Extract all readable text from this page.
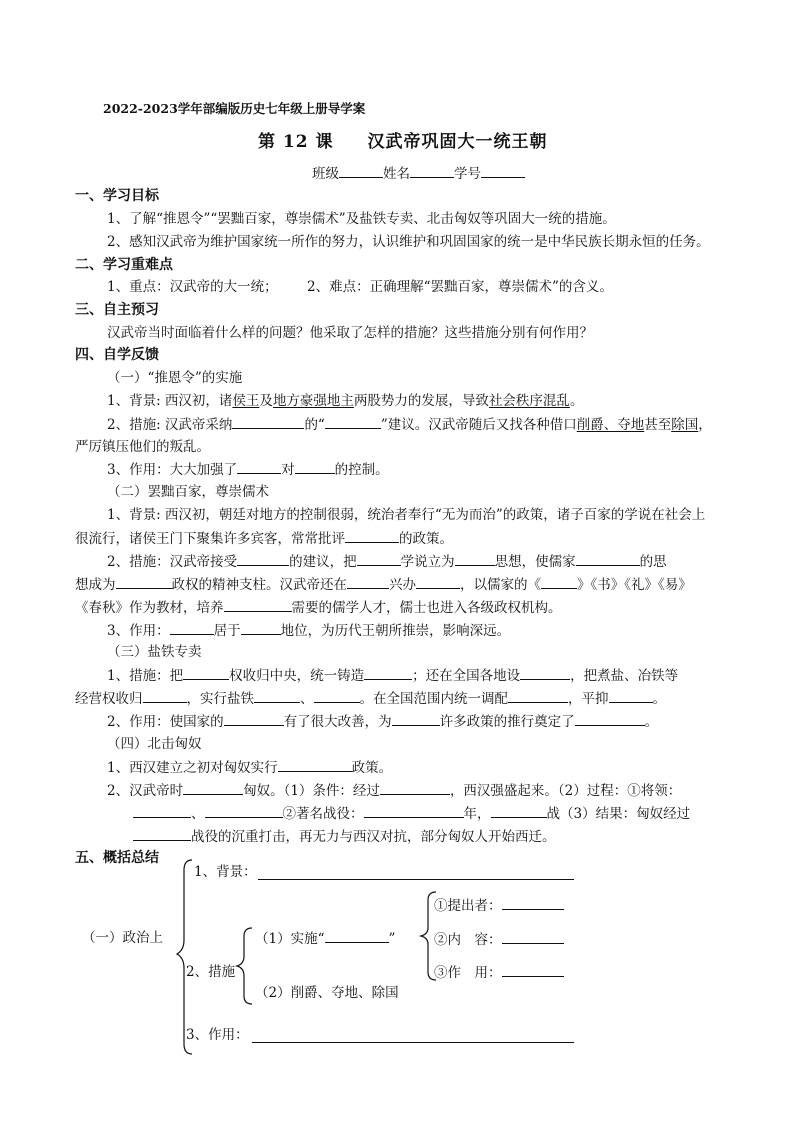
2022-2023学年部编版历史七年级上册导学案
第 12 课 汉武帝巩固大一统王朝
班级	姓名	学号
一、学习目标
1、了解“推恩令”“罢黜百家，尊崇儒术”及盐铁专卖、北击匈奴等巩固大一统的措施。
2、感知汉武帝为维护国家统一所作的努力，认识维护和巩固国家的统一是中华民族长期永恒的任务。
二、学习重难点
1、重点：汉武帝的大一统； 2、难点：正确理解“罢黜百家，尊崇儒术”的含义。
三、自主预习
汉武帝当时面临着什么样的问题？他采取了怎样的措施？这些措施分别有何作用？
四、自学反馈
（一）“推恩令”的实施
1、背景: 西汉初，诸侯王及地方豪强地主两股势力的发展，导致社会秩序混乱。
2、措施: 汉武帝采纳	的“	”建议。汉武帝随后又找各种借口削爵、夺地甚至除国，
严厉镇压他们的叛乱。
3、作用：大大加强了	对	的控制。
（二）罢黜百家，尊崇儒术
1、背景: 西汉初，朝廷对地方的控制很弱，统治者奉行“无为而治”的政策，诸子百家的学说在社会上
很流行，诸侯王门下聚集许多宾客，常常批评	的政策。
2、措施：汉武帝接受	的建议，把	学说立为	思想，使儒家	的思
想成为	政权的精神支柱。汉武帝还在	兴办	，以儒家的《	》《书》《礼》《易》
《春秋》作为教材，培养	需要的儒学人才，儒士也进入各级政权机构。
3、作用：	居于	地位，为历代王朝所推崇，影响深远。
（三）盐铁专卖
1、措施：把	权收归中央，统一铸造	；还在全国各地设	，把煮盐、冶铁等
经营权收归	，实行盐铁	、	。在全国范围内统一调配	，平抑	。
2、作用：使国家的	有了很大改善，为	许多政策的推行奠定了	。
（四）北击匈奴
1、西汉建立之初对匈奴实行	政策。
2、汉武帝时	匈奴。（1）条件：经过	，西汉强盛起来。（2）过程：①将领：
、	②著名战役：	年，	战（3）结果：匈奴经过
战役的沉重打击，再无力与西汉对抗，部分匈奴人开始西迁。
五、概括总结
（一）政治上
1、背景：
2、措施
（1）实施“	”
①提出者：
②内　容：
③作　用：
（2）削爵、夺地、除国
3、作用：
